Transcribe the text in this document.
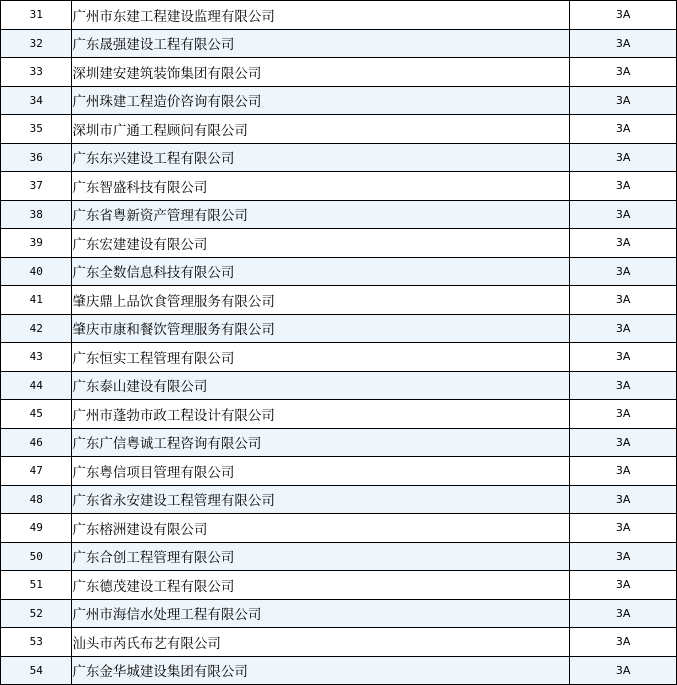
31	广州市东建工程建设监理有限公司	3A
32	广东晟强建设工程有限公司	3A
33	深圳建安建筑装饰集团有限公司	3A
34	广州珠建工程造价咨询有限公司	3A
35	深圳市广通工程顾问有限公司	3A
36	广东东兴建设工程有限公司	3A
37	广东智盛科技有限公司	3A
38	广东省粤新资产管理有限公司	3A
39	广东宏建建设有限公司	3A
40	广东全数信息科技有限公司	3A
41	肇庆鼎上品饮食管理服务有限公司	3A
42	肇庆市康和餐饮管理服务有限公司	3A
43	广东恒实工程管理有限公司	3A
44	广东泰山建设有限公司	3A
45	广州市蓬勃市政工程设计有限公司	3A
46	广东广信粤诚工程咨询有限公司	3A
47	广东粤信项目管理有限公司	3A
48	广东省永安建设工程管理有限公司	3A
49	广东榕洲建设有限公司	3A
50	广东合创工程管理有限公司	3A
51	广东德茂建设工程有限公司	3A
52	广州市海信水处理工程有限公司	3A
53	汕头市芮氏布艺有限公司	3A
54	广东金华城建设集团有限公司	3A
